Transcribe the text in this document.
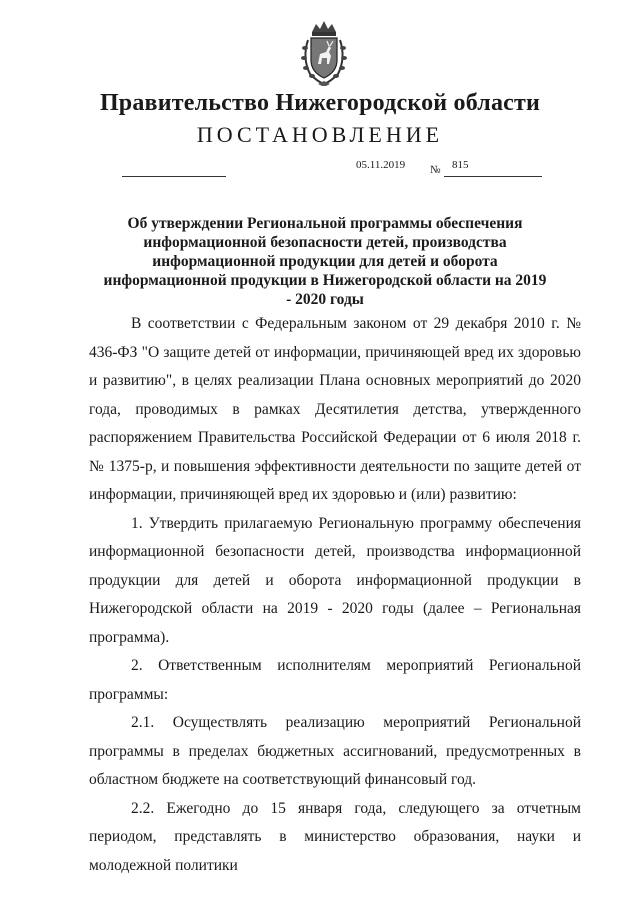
Правительство Нижегородской области
ПОСТАНОВЛЕНИЕ
05.11.2019 № 815
Об утверждении Региональной программы обеспечения информационной безопасности детей, производства информационной продукции для детей и оборота информационной продукции в Нижегородской области на 2019 - 2020 годы

В соответствии с Федеральным законом от 29 декабря 2010 г. № 436-ФЗ "О защите детей от информации, причиняющей вред их здоровью и развитию", в целях реализации Плана основных мероприятий до 2020 года, проводимых в рамках Десятилетия детства, утвержденного распоряжением Правительства Российской Федерации от 6 июля 2018 г. № 1375-р, и повышения эффективности деятельности по защите детей от информации, причиняющей вред их здоровью и (или) развитию:

1. Утвердить прилагаемую Региональную программу обеспечения информационной безопасности детей, производства информационной продукции для детей и оборота информационной продукции в Нижегородской области на 2019 - 2020 годы (далее – Региональная программа).

2. Ответственным исполнителям мероприятий Региональной программы:

2.1. Осуществлять реализацию мероприятий Региональной программы в пределах бюджетных ассигнований, предусмотренных в областном бюджете на соответствующий финансовый год.

2.2. Ежегодно до 15 января года, следующего за отчетным периодом, представлять в министерство образования, науки и молодежной политики
